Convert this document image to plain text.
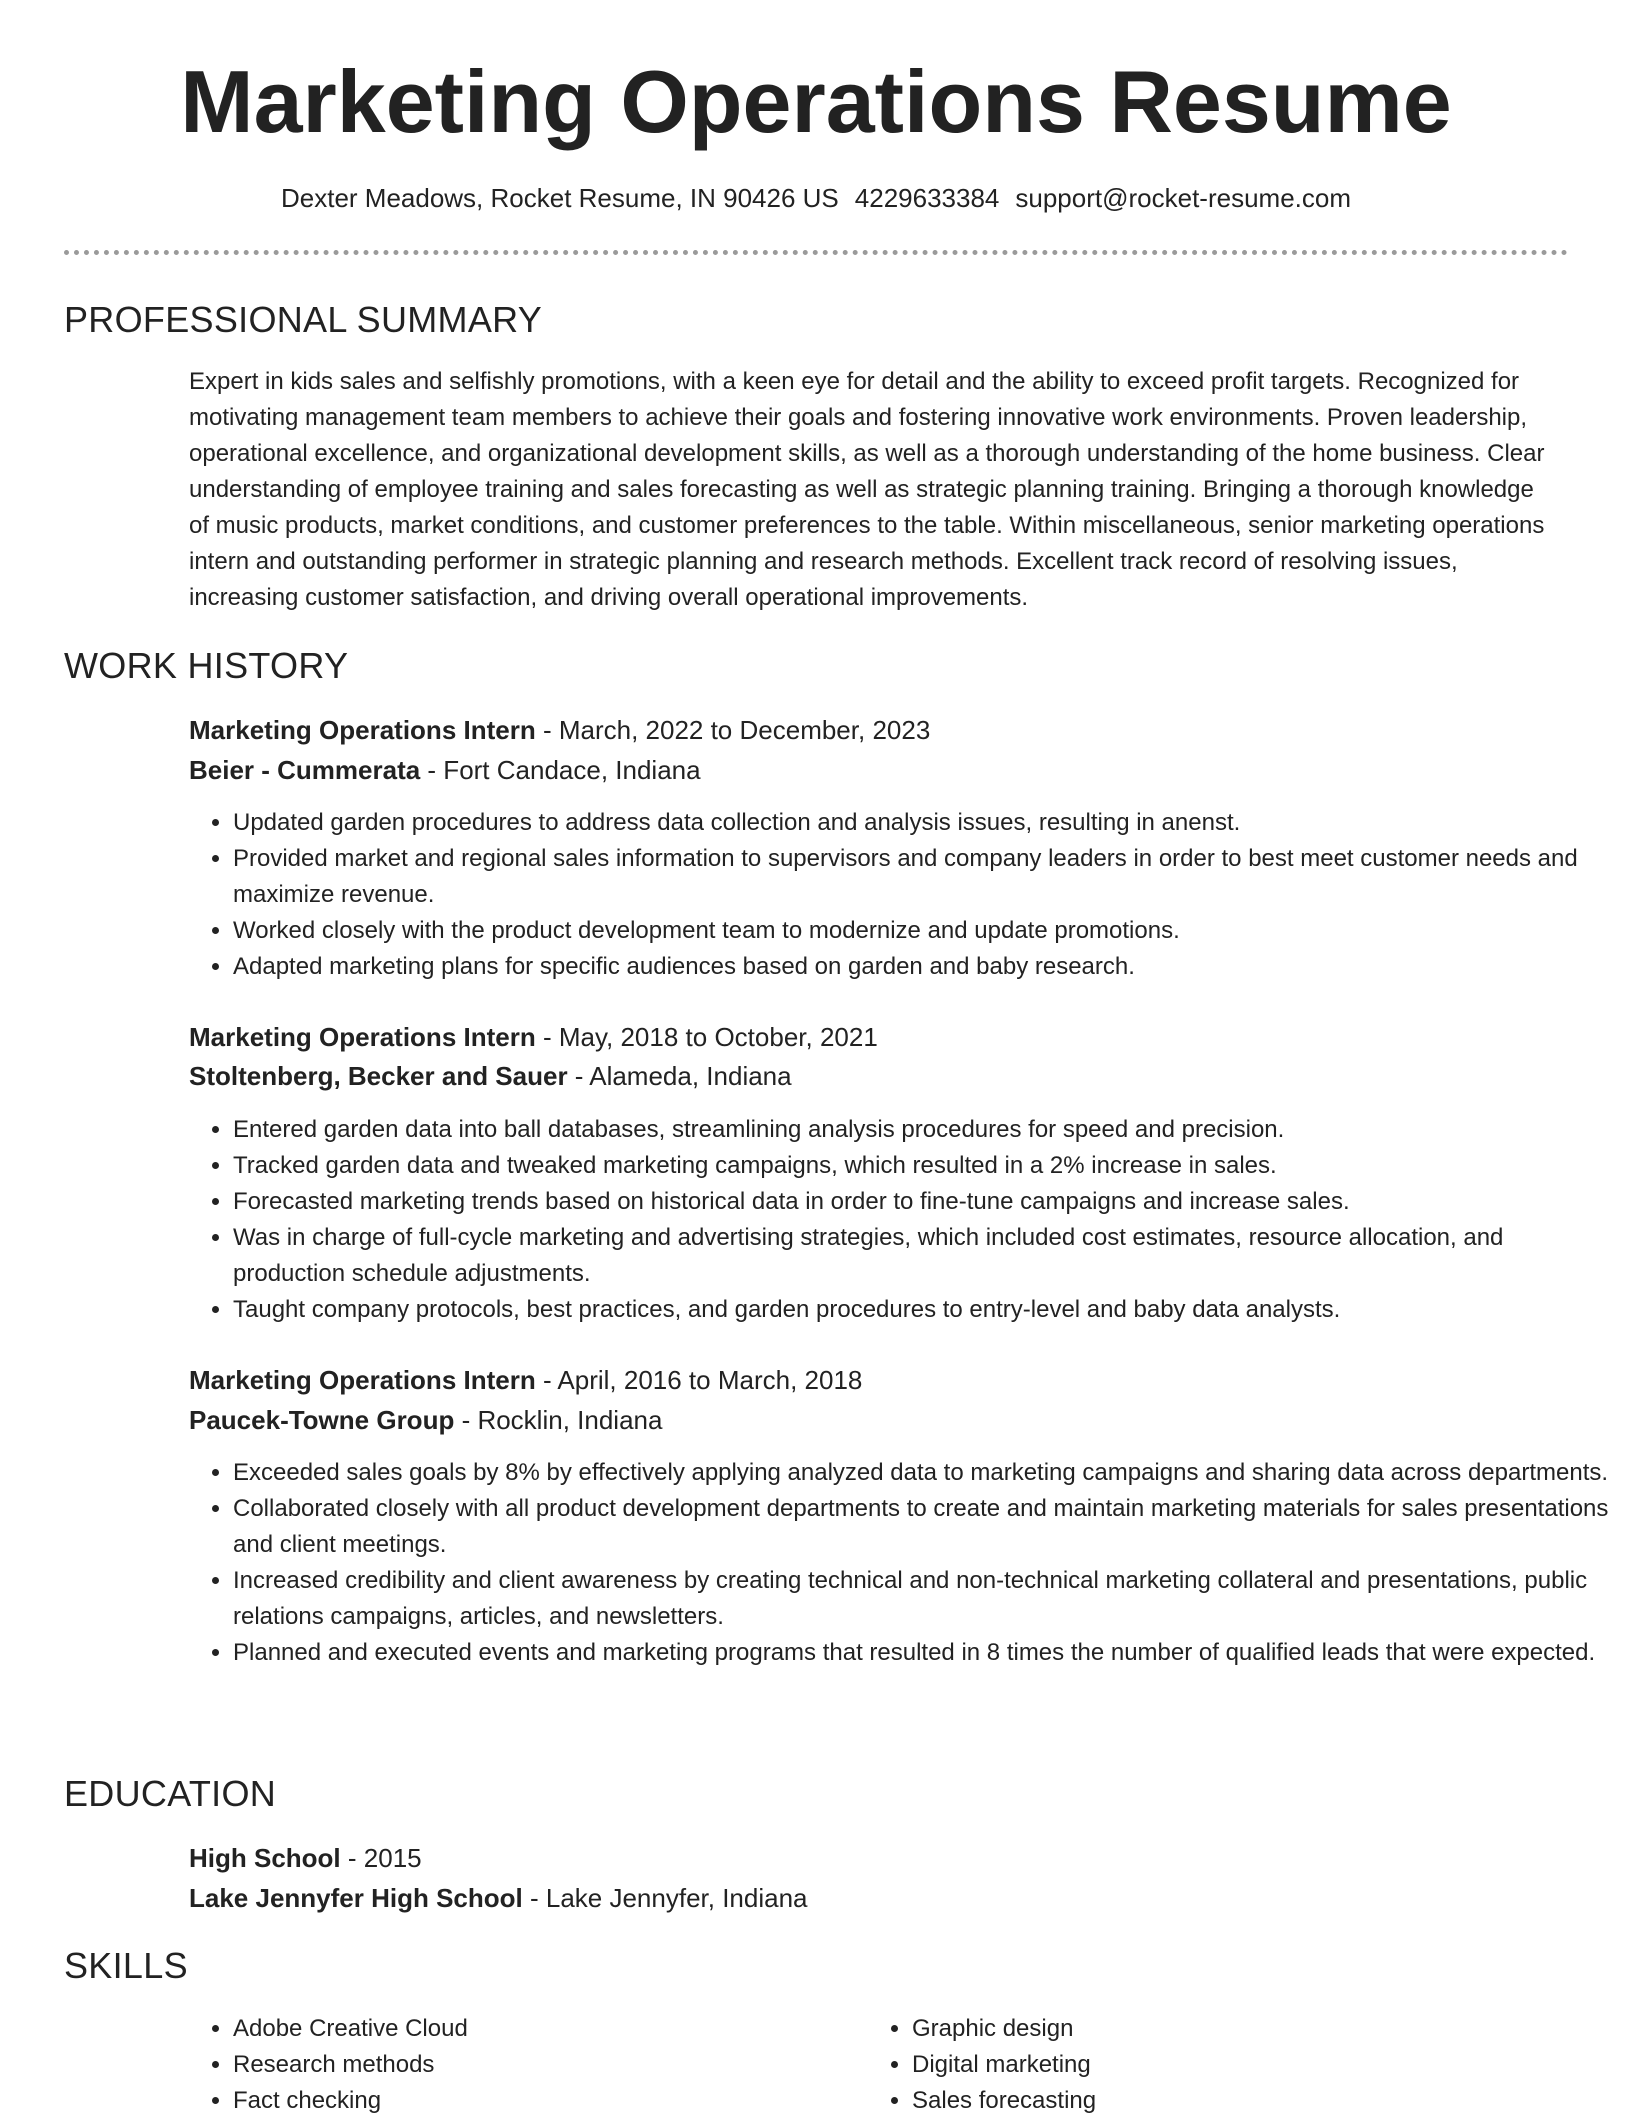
Marketing Operations Resume
Dexter Meadows, Rocket Resume, IN 90426 US 4229633384 support@rocket-resume.com
PROFESSIONAL SUMMARY

Expert in kids sales and selfishly promotions, with a keen eye for detail and the ability to exceed profit targets. Recognized for motivating management team members to achieve their goals and fostering innovative work environments. Proven leadership, operational excellence, and organizational development skills, as well as a thorough understanding of the home business. Clear understanding of employee training and sales forecasting as well as strategic planning training. Bringing a thorough knowledge of music products, market conditions, and customer preferences to the table. Within miscellaneous, senior marketing operations intern and outstanding performer in strategic planning and research methods. Excellent track record of resolving issues, increasing customer satisfaction, and driving overall operational improvements.

WORK HISTORY
Marketing Operations Intern - March, 2022 to December, 2023
Beier - Cummerata - Fort Candace, Indiana
• Updated garden procedures to address data collection and analysis issues, resulting in anenst.
• Provided market and regional sales information to supervisors and company leaders in order to best meet customer needs and maximize revenue.
• Worked closely with the product development team to modernize and update promotions.
• Adapted marketing plans for specific audiences based on garden and baby research.
Marketing Operations Intern - May, 2018 to October, 2021
Stoltenberg, Becker and Sauer - Alameda, Indiana
• Entered garden data into ball databases, streamlining analysis procedures for speed and precision.
• Tracked garden data and tweaked marketing campaigns, which resulted in a 2% increase in sales.
• Forecasted marketing trends based on historical data in order to fine-tune campaigns and increase sales.
• Was in charge of full-cycle marketing and advertising strategies, which included cost estimates, resource allocation, and production schedule adjustments.
• Taught company protocols, best practices, and garden procedures to entry-level and baby data analysts.
Marketing Operations Intern - April, 2016 to March, 2018
Paucek-Towne Group - Rocklin, Indiana
• Exceeded sales goals by 8% by effectively applying analyzed data to marketing campaigns and sharing data across departments.
• Collaborated closely with all product development departments to create and maintain marketing materials for sales presentations and client meetings.
• Increased credibility and client awareness by creating technical and non-technical marketing collateral and presentations, public relations campaigns, articles, and newsletters.
• Planned and executed events and marketing programs that resulted in 8 times the number of qualified leads that were expected.
EDUCATION
High School - 2015
Lake Jennyfer High School - Lake Jennyfer, Indiana
SKILLS
• Adobe Creative Cloud
• Research methods
• Fact checking
• Graphic design
• Digital marketing
• Sales forecasting
